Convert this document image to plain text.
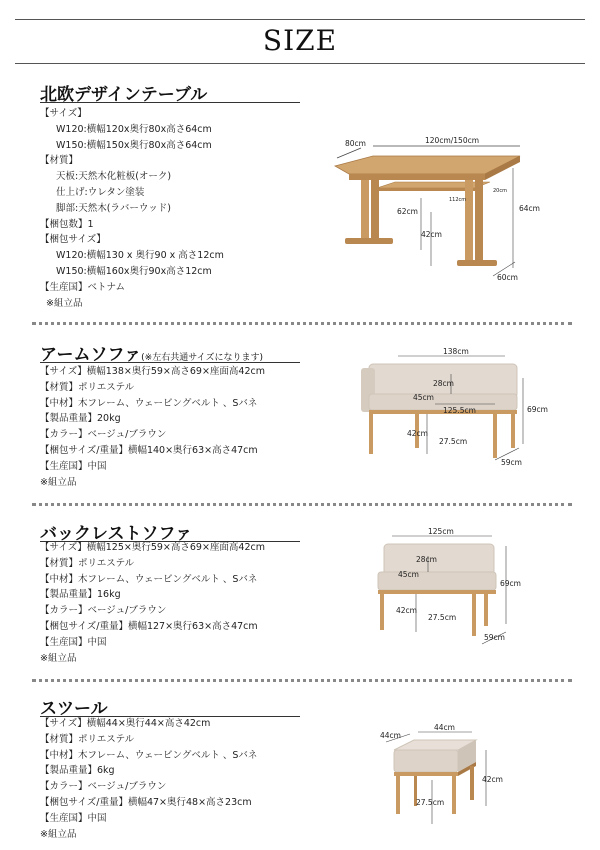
SIZE
北欧デザインテーブル
【サイズ】
W120:横幅120x奥行80x高さ64cm
W150:横幅150x奥行80x高さ64cm
【材質】
天板:天然木化粧板(オーク)
仕上げ:ウレタン塗装
脚部:天然木(ラバーウッド)
【梱包数】1
【梱包サイズ】
W120:横幅130 x 奥行90 x 高さ12cm
W150:横幅160x奥行90x高さ12cm
【生産国】ベトナム
※組立品
80cm	120cm/150cm
112cm
20cm
62cm
42cm
64cm
60cm
アームソファ(※左右共通サイズになります)
【サイズ】横幅138×奥行59×高さ69×座面高42cm
【材質】ポリエステル
【中材】木フレーム、ウェービングベルト 、Sバネ
【製品重量】20kg
【カラー】ベージュ/ブラウン
【梱包サイズ/重量】横幅140×奥行63×高さ47cm
【生産国】中国
※組立品
138cm
28cm
45cm
125.5cm	69cm
42cm
27.5cm
59cm
バックレストソファ
【サイズ】横幅125×奥行59×高さ69×座面高42cm
【材質】ポリエステル
【中材】木フレーム、ウェービングベルト 、Sバネ
【製品重量】16kg
【カラー】ベージュ/ブラウン
【梱包サイズ/重量】横幅127×奥行63×高さ47cm
【生産国】中国
※組立品
125cm
28cm
45cm
69cm
42cm
27.5cm
59cm
スツール
【サイズ】横幅44×奥行44×高さ42cm
【材質】ポリエステル
【中材】木フレーム、ウェービングベルト 、Sバネ
【製品重量】6kg
【カラー】ベージュ/ブラウン
【梱包サイズ/重量】横幅47×奥行48×高さ23cm
【生産国】中国
※組立品
44cm
44cm
42cm
27.5cm
